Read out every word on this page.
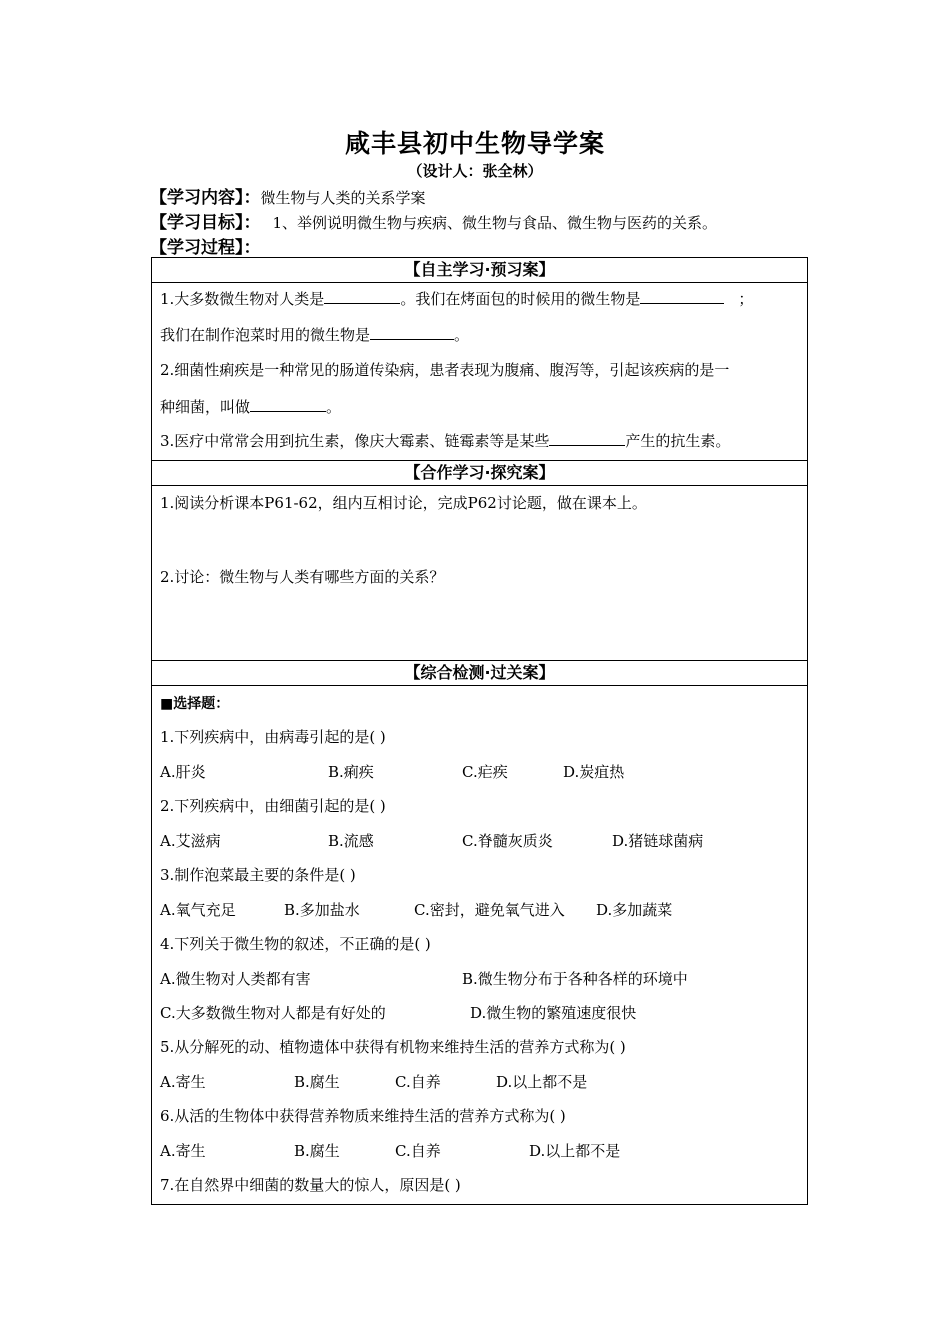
咸丰县初中生物导学案
（设计人：张全林）
【学习内容】：微生物与人类的关系学案
【学习目标】： 1、举例说明微生物与疾病、微生物与食品、微生物与医药的关系。
【学习过程】：
【自主学习·预习案】
1.大多数微生物对人类是	。我们在烤面包的时候用的微生物是	；
我们在制作泡菜时用的微生物是	。
2.细菌性痢疾是一种常见的肠道传染病，患者表现为腹痛、腹泻等，引起该疾病的是一
种细菌，叫做	。
3.医疗中常常会用到抗生素，像庆大霉素、链霉素等是某些	产生的抗生素。
【合作学习·探究案】
1.阅读分析课本P61-62，组内互相讨论，完成P62讨论题，做在课本上。
2.讨论：微生物与人类有哪些方面的关系？
【综合检测·过关案】
■选择题：
1.下列疾病中，由病毒引起的是( )
A.肝炎	B.痢疾	C.疟疾	D.炭疽热
2.下列疾病中，由细菌引起的是( )
A.艾滋病	B.流感	C.脊髓灰质炎	D.猪链球菌病
3.制作泡菜最主要的条件是( )
A.氧气充足	B.多加盐水	C.密封，避免氧气进入 D.多加蔬菜
4.下列关于微生物的叙述，不正确的是( )
A.微生物对人类都有害	B.微生物分布于各种各样的环境中
C.大多数微生物对人都是有好处的	D.微生物的繁殖速度很快
5.从分解死的动、植物遗体中获得有机物来维持生活的营养方式称为( )
A.寄生	B.腐生	C.自养	D.以上都不是
6.从活的生物体中获得营养物质来维持生活的营养方式称为( )
A.寄生	B.腐生	C.自养	D.以上都不是
7.在自然界中细菌的数量大的惊人，原因是( )
